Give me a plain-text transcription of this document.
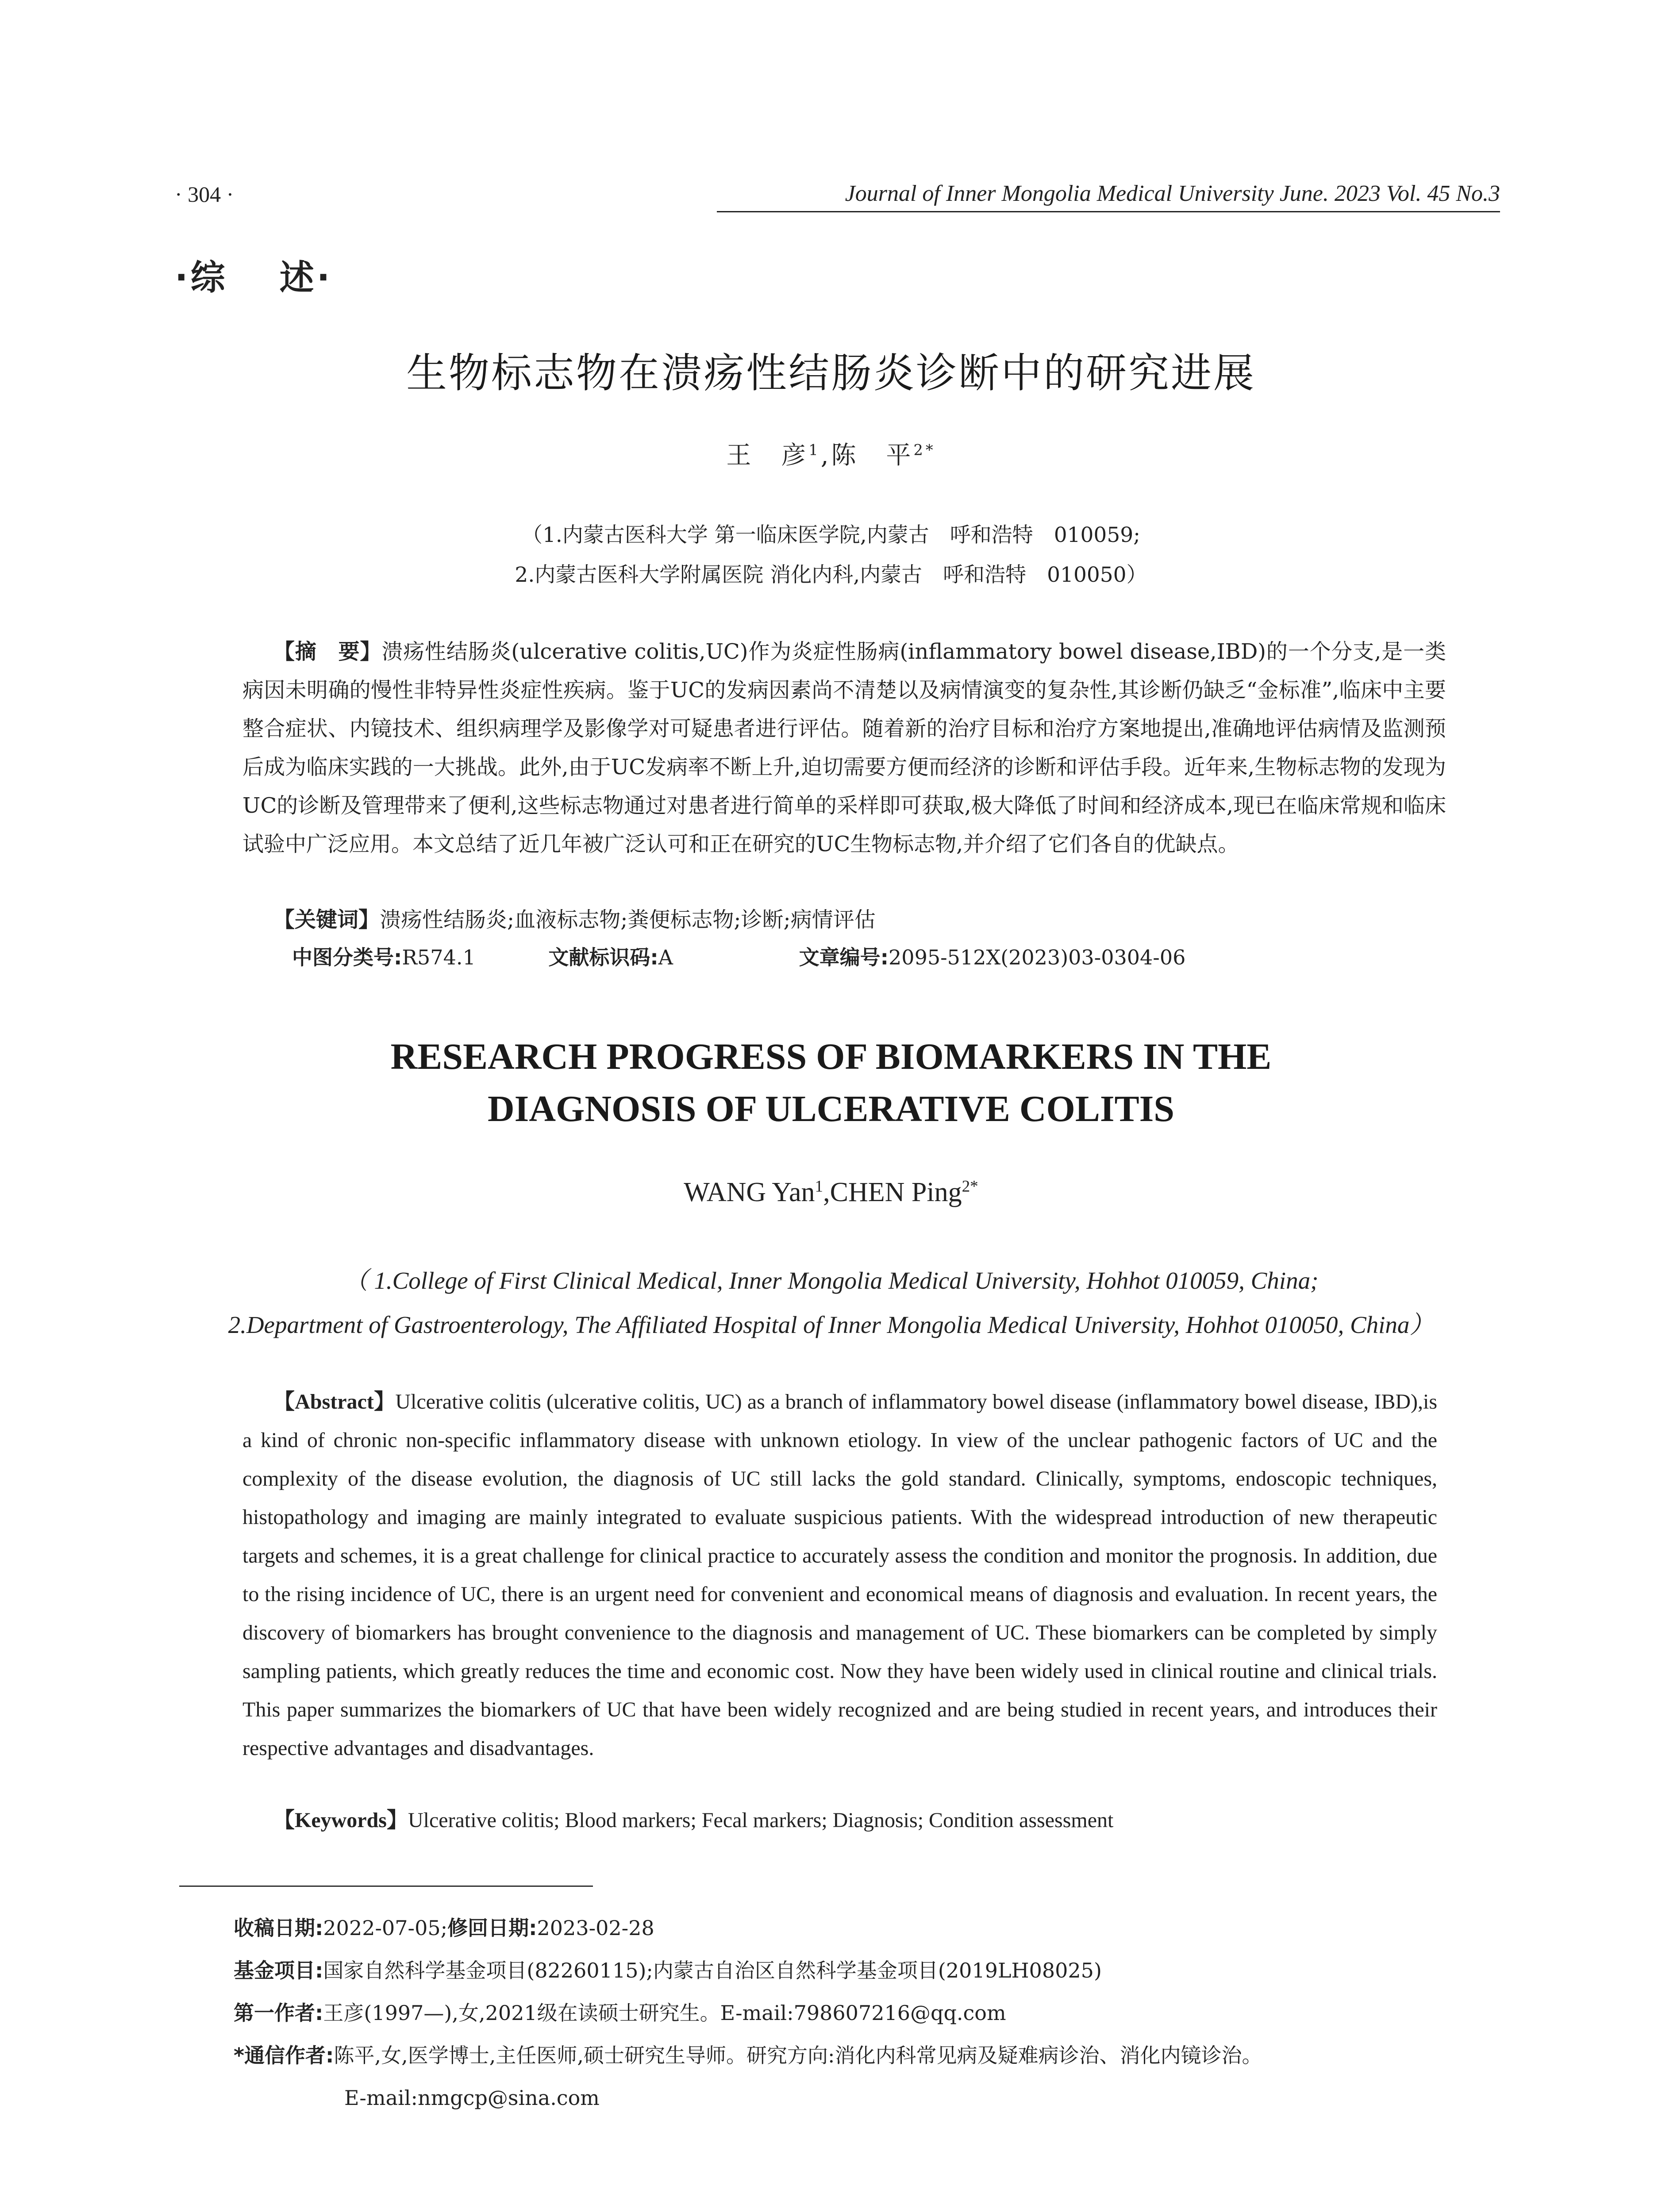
· 304 ·	Journal of Inner Mongolia Medical University June. 2023 Vol. 45 No.3
·综　 述·
生物标志物在溃疡性结肠炎诊断中的研究进展
王　彦$^1$,陈　平$^{2*}$
（1.内蒙古医科大学 第一临床医学院,内蒙古　呼和浩特　010059;
2.内蒙古医科大学附属医院 消化内科,内蒙古　呼和浩特　010050）
【摘　要】溃疡性结肠炎(ulcerative colitis,UC)作为炎症性肠病(inflammatory bowel disease,IBD)的一个分支,是一类病因未明确的慢性非特异性炎症性疾病。鉴于UC的发病因素尚不清楚以及病情演变的复杂性,其诊断仍缺乏“金标准”,临床中主要整合症状、内镜技术、组织病理学及影像学对可疑患者进行评估。随着新的治疗目标和治疗方案地提出,准确地评估病情及监测预后成为临床实践的一大挑战。此外,由于UC发病率不断上升,迫切需要方便而经济的诊断和评估手段。近年来,生物标志物的发现为UC的诊断及管理带来了便利,这些标志物通过对患者进行简单的采样即可获取,极大降低了时间和经济成本,现已在临床常规和临床试验中广泛应用。本文总结了近几年被广泛认可和正在研究的UC生物标志物,并介绍了它们各自的优缺点。
【关键词】溃疡性结肠炎;血液标志物;粪便标志物;诊断;病情评估
中图分类号:R574.1	文献标识码:A	文章编号:2095-512X(2023)03-0304-06
RESEARCH PROGRESS OF BIOMARKERS IN THE
DIAGNOSIS OF ULCERATIVE COLITIS
WANG Yan$^1$,CHEN Ping$^{2*}$
（ 1.College of First Clinical Medical, Inner Mongolia Medical University, Hohhot 010059, China;
2.Department of Gastroenterology, The Affiliated Hospital of Inner Mongolia Medical University, Hohhot 010050, China）
【Abstract】Ulcerative colitis (ulcerative colitis, UC) as a branch of inflammatory bowel disease (inflammatory bowel disease, IBD),is a kind of chronic non-specific inflammatory disease with unknown etiology. In view of the unclear pathogenic factors of UC and the complexity of the disease evolution, the diagnosis of UC still lacks the gold standard. Clinically, symptoms, endoscopic techniques, histopathology and imaging are mainly integrated to evaluate suspicious patients. With the widespread introduction of new therapeutic targets and schemes, it is a great challenge for clinical practice to accurately assess the condition and monitor the prognosis. In addition, due to the rising incidence of UC, there is an urgent need for convenient and economical means of diagnosis and evaluation. In recent years, the discovery of biomarkers has brought convenience to the diagnosis and management of UC. These biomarkers can be completed by simply sampling patients, which greatly reduces the time and economic cost. Now they have been widely used in clinical routine and clinical trials. This paper summarizes the biomarkers of UC that have been widely recognized and are being studied in recent years, and introduces their respective advantages and disadvantages.
【Keywords】Ulcerative colitis; Blood markers; Fecal markers; Diagnosis; Condition assessment
收稿日期:2022-07-05;修回日期:2023-02-28
基金项目:国家自然科学基金项目(82260115);内蒙古自治区自然科学基金项目(2019LH08025)
第一作者:王彦(1997—),女,2021级在读硕士研究生。E-mail:798607216@qq.com
*通信作者:陈平,女,医学博士,主任医师,硕士研究生导师。研究方向:消化内科常见病及疑难病诊治、消化内镜诊治。
E-mail:nmgcp@sina.com
